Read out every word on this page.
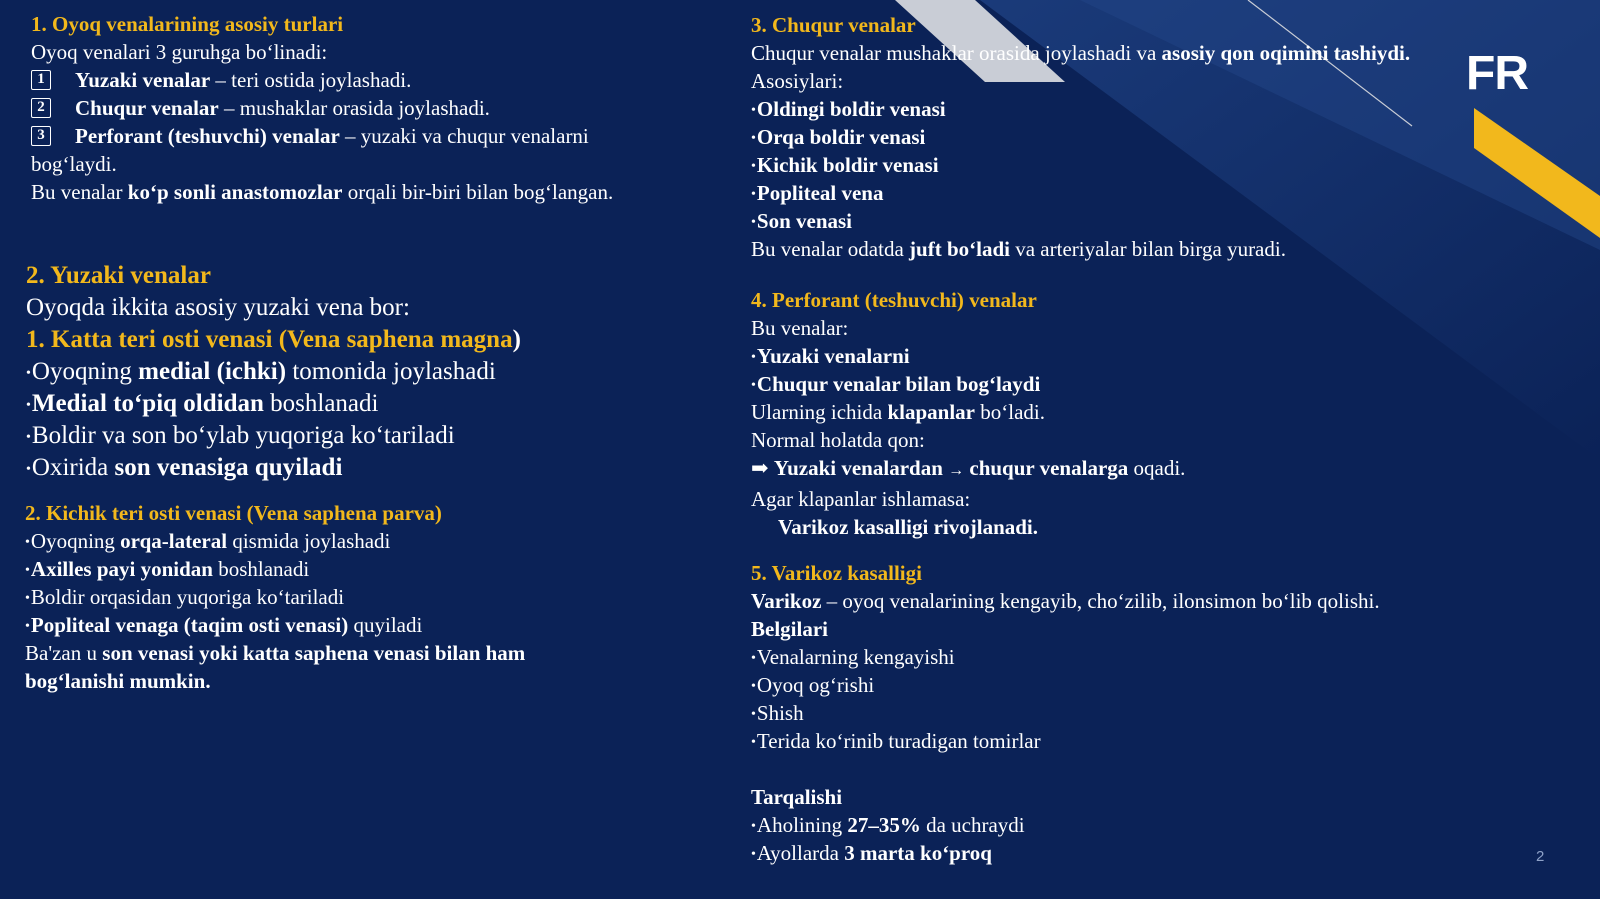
FR
2
1. Oyoq venalarining asosiy turlari
Oyoq venalari 3 guruhga bo‘linadi:
1 Yuzaki venalar – teri ostida joylashadi.
2 Chuqur venalar – mushaklar orasida joylashadi.
3 Perforant (teshuvchi) venalar – yuzaki va chuqur venalarni
bog‘laydi.
Bu venalar ko‘p sonli anastomozlar orqali bir-biri bilan bog‘langan.
2. Yuzaki venalar
Oyoqda ikkita asosiy yuzaki vena bor:
1. Katta teri osti venasi (Vena saphena magna)
•Oyoqning medial (ichki) tomonida joylashadi
•Medial to‘piq oldidan boshlanadi
•Boldir va son bo‘ylab yuqoriga ko‘tariladi
•Oxirida son venasiga quyiladi
2. Kichik teri osti venasi (Vena saphena parva)
•Oyoqning orqa-lateral qismida joylashadi
•Axilles payi yonidan boshlanadi
•Boldir orqasidan yuqoriga ko‘tariladi
•Popliteal venaga (taqim osti venasi) quyiladi
Ba'zan u son venasi yoki katta saphena venasi bilan ham
bog‘lanishi mumkin.
3. Chuqur venalar
Chuqur venalar mushaklar orasida joylashadi va asosiy qon oqimini tashiydi.
Asosiylari:
•Oldingi boldir venasi
•Orqa boldir venasi
•Kichik boldir venasi
•Popliteal vena
•Son venasi
Bu venalar odatda juft bo‘ladi va arteriyalar bilan birga yuradi.
4. Perforant (teshuvchi) venalar
Bu venalar:
•Yuzaki venalarni
•Chuqur venalar bilan bog‘laydi
Ularning ichida klapanlar bo‘ladi.
Normal holatda qon:
➡ Yuzaki venalardan → chuqur venalarga oqadi.
Agar klapanlar ishlamasa:
Varikoz kasalligi rivojlanadi.
5. Varikoz kasalligi
Varikoz – oyoq venalarining kengayib, cho‘zilib, ilonsimon bo‘lib qolishi.
Belgilari
•Venalarning kengayishi
•Oyoq og‘rishi
•Shish
•Terida ko‘rinib turadigan tomirlar

Tarqalishi
•Aholining 27–35% da uchraydi
•Ayollarda 3 marta ko‘proq
